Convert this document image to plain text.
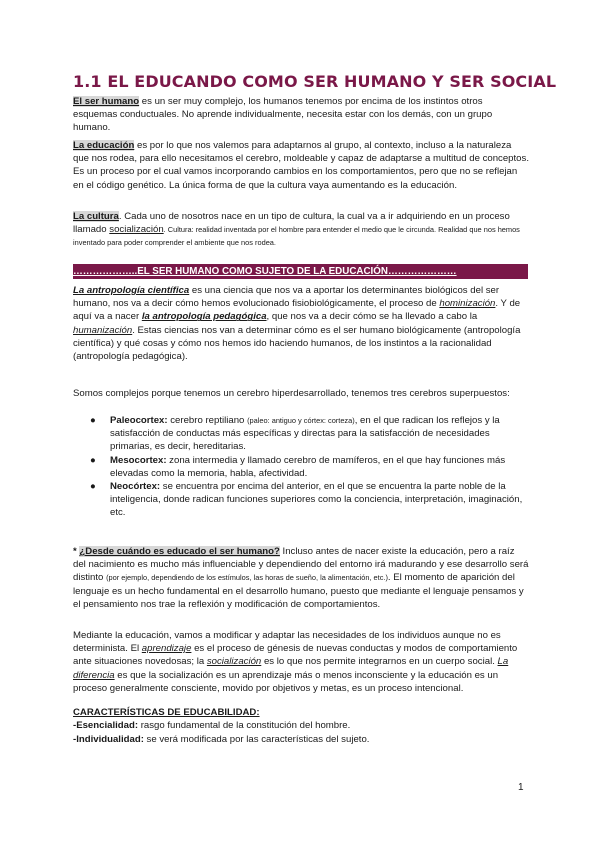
1.1 EL EDUCANDO COMO SER HUMANO Y SER SOCIAL

El ser humano es un ser muy complejo, los humanos tenemos por encima de los instintos otros esquemas conductuales. No aprende individualmente, necesita estar con los demás, con un grupo humano.

La educación es por lo que nos valemos para adaptarnos al grupo, al contexto, incluso a la naturaleza que nos rodea, para ello necesitamos el cerebro, moldeable y capaz de adaptarse a multitud de conceptos. Es un proceso por el cual vamos incorporando cambios en los comportamientos, pero que no se reflejan en el código genético. La única forma de que la cultura vaya aumentando es la educación.

La cultura. Cada uno de nosotros nace en un tipo de cultura, la cual va a ir adquiriendo en un proceso llamado socialización. Cultura: realidad inventada por el hombre para entender el medio que le circunda. Realidad que nos hemos inventado para poder comprender el ambiente que nos rodea.

………………..EL SER HUMANO COMO SUJETO DE LA EDUCACIÓN…………………

La antropología científica es una ciencia que nos va a aportar los determinantes biológicos del ser humano, nos va a decir cómo hemos evolucionado fisiobiológicamente, el proceso de hominización. Y de aquí va a nacer la antropología pedagógica, que nos va a decir cómo se ha llevado a cabo la humanización. Estas ciencias nos van a determinar cómo es el ser humano biológicamente (antropología científica) y qué cosas y cómo nos hemos ido haciendo humanos, de los instintos a la racionalidad (antropología pedagógica).

Somos complejos porque tenemos un cerebro hiperdesarrollado, tenemos tres cerebros superpuestos:

● Paleocortex: cerebro reptiliano (paleo: antiguo y córtex: corteza), en el que radican los reflejos y la satisfacción de conductas más específicas y directas para la satisfacción de necesidades primarias, es decir, hereditarias.
● Mesocortex: zona intermedia y llamado cerebro de mamíferos, en el que hay funciones más elevadas como la memoria, habla, afectividad.
● Neocórtex: se encuentra por encima del anterior, en el que se encuentra la parte noble de la inteligencia, donde radican funciones superiores como la conciencia, interpretación, imaginación, etc.

* ¿Desde cuándo es educado el ser humano? Incluso antes de nacer existe la educación, pero a raíz del nacimiento es mucho más influenciable y dependiendo del entorno irá madurando y ese desarrollo será distinto (por ejemplo, dependiendo de los estímulos, las horas de sueño, la alimentación, etc.). El momento de aparición del lenguaje es un hecho fundamental en el desarrollo humano, puesto que mediante el lenguaje pensamos y el pensamiento nos trae la reflexión y modificación de comportamientos.

Mediante la educación, vamos a modificar y adaptar las necesidades de los individuos aunque no es determinista. El aprendizaje es el proceso de génesis de nuevas conductas y modos de comportamiento ante situaciones novedosas; la socialización es lo que nos permite integrarnos en un cuerpo social. La diferencia es que la socialización es un aprendizaje más o menos inconsciente y la educación es un proceso generalmente consciente, movido por objetivos y metas, es un proceso intencional.

CARACTERÍSTICAS DE EDUCABILIDAD:

-Esencialidad: rasgo fundamental de la constitución del hombre.

-Individualidad: se verá modificada por las características del sujeto.

1
